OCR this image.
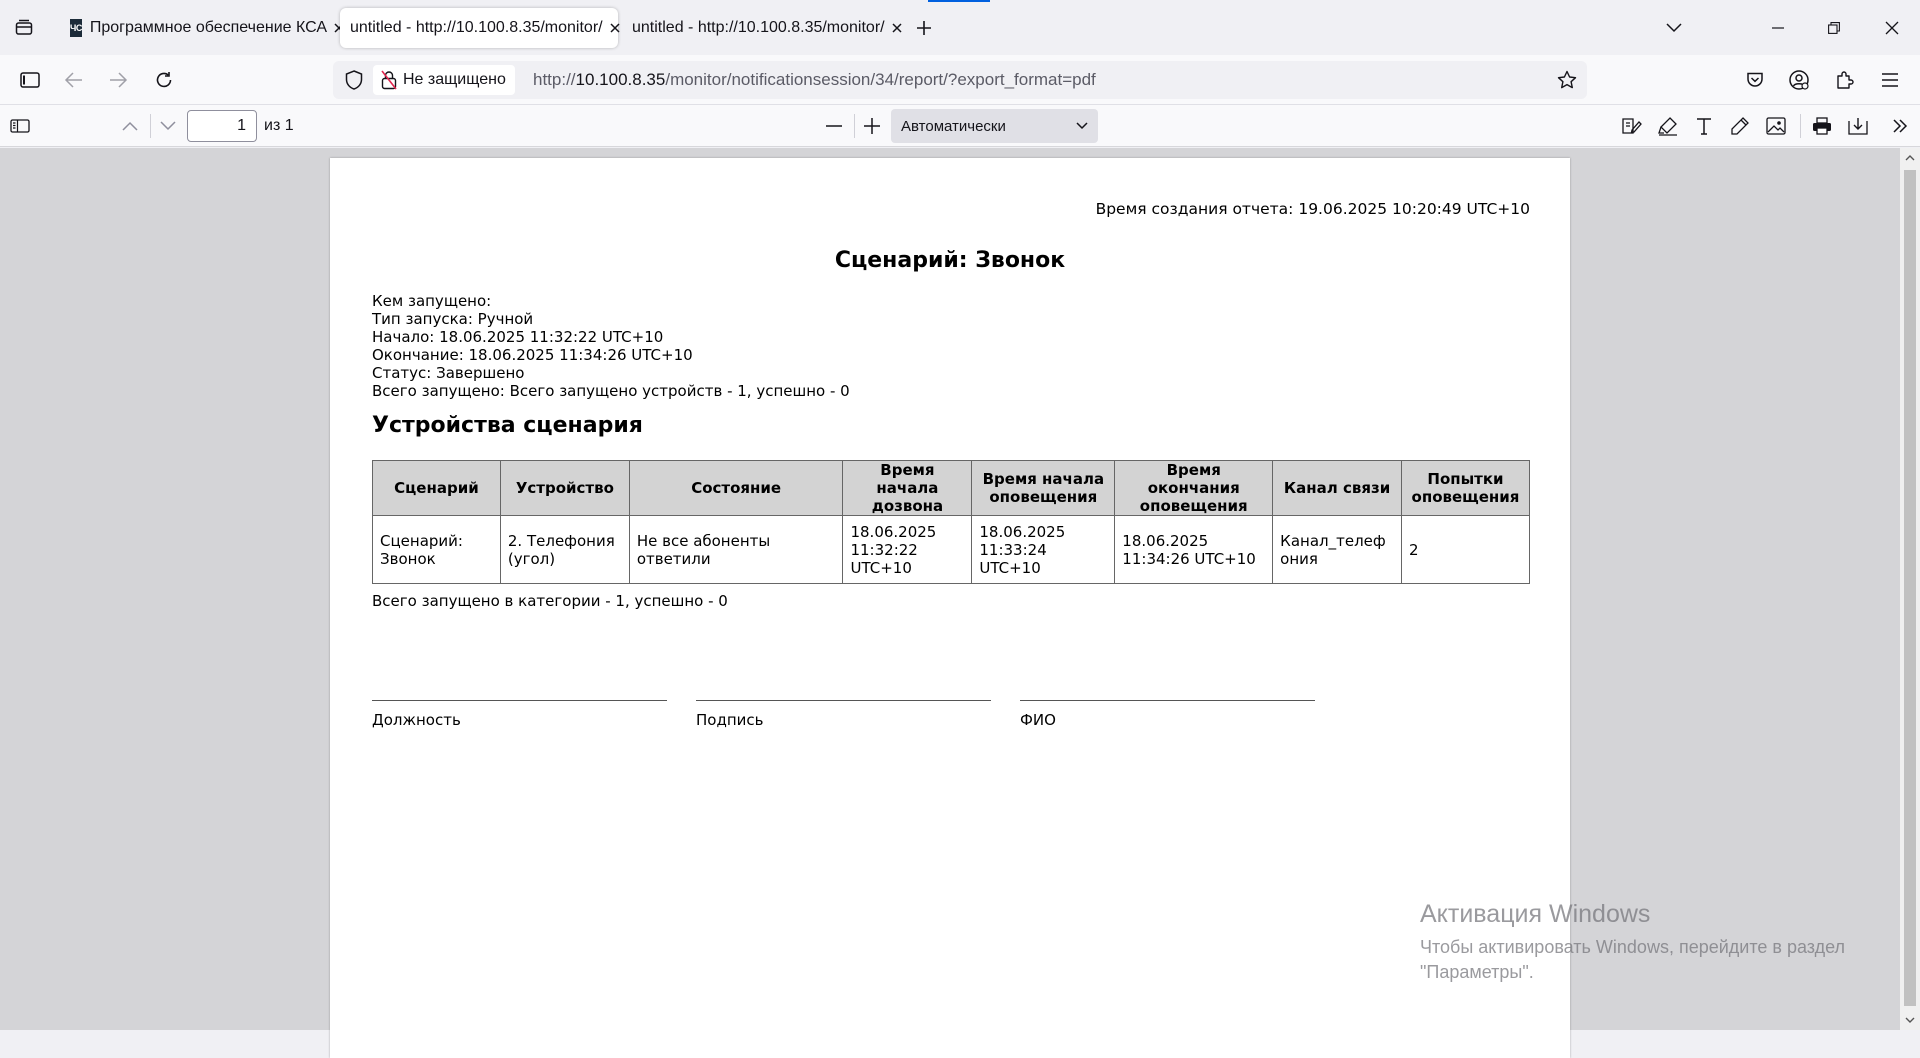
ЧС Программное обеспечение КСА untitled - http://10.100.8.35/monitor/ untitled - http://10.100.8.35/monitor/
Не защищено http://10.100.8.35/monitor/notificationsession/34/report/?export_format=pdf
1
из 1	Автоматически
Время создания отчета: 19.06.2025 10:20:49 UTC+10
Сценарий: Звонок
Кем запущено:
Тип запуска: Ручной
Начало: 18.06.2025 11:32:22 UTC+10
Окончание: 18.06.2025 11:34:26 UTC+10
Статус: Завершено
Всего запущено: Всего запущено устройств - 1, успешно - 0
Устройства сценария
Сценарий	Устройство	Состояние	Время начала дозвона	Время начала оповещения	Время окончания оповещения	Канал связи	Попытки оповещения
Сценарий: Звонок	2. Телефония (угол)	Не все абоненты ответили	18.06.2025 11:32:22 UTC+10	18.06.2025 11:33:24 UTC+10	18.06.2025 11:34:26 UTC+10	Канал_телефония	2
Всего запущено в категории - 1, успешно - 0
Должность	Подпись	ФИО
Активация Windows
Чтобы активировать Windows, перейдите в раздел
"Параметры".
